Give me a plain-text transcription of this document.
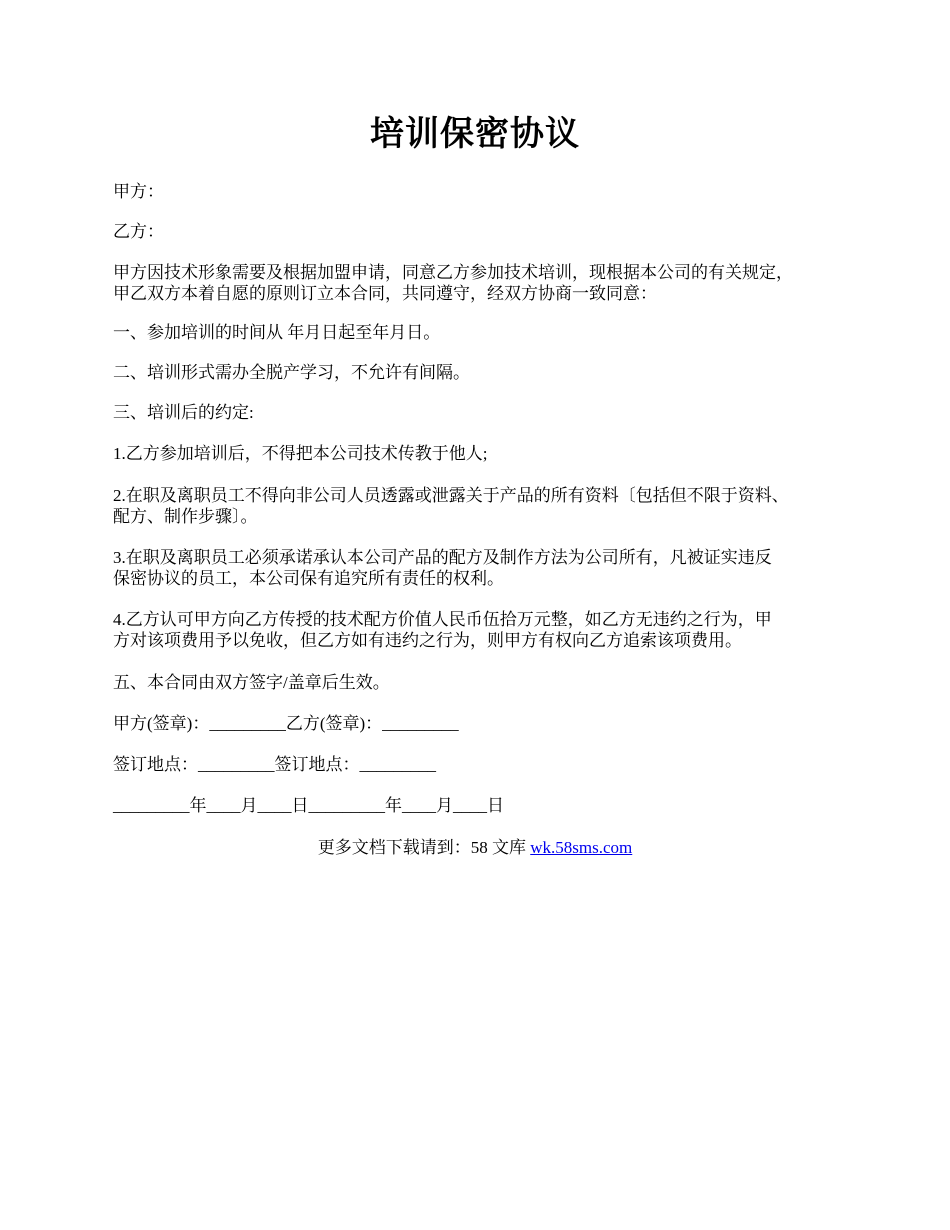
培训保密协议
甲方：
乙方：
甲方因技术形象需要及根据加盟申请，同意乙方参加技术培训，现根据本公司的有关规定，
甲乙双方本着自愿的原则订立本合同，共同遵守，经双方协商一致同意：
一、参加培训的时间从 年月日起至年月日。
二、培训形式需办全脱产学习，不允许有间隔。
三、培训后的约定:
1.乙方参加培训后，不得把本公司技术传教于他人;
2.在职及离职员工不得向非公司人员透露或泄露关于产品的所有资料〔包括但不限于资料、
配方、制作步骤〕。
3.在职及离职员工必须承诺承认本公司产品的配方及制作方法为公司所有，凡被证实违反
保密协议的员工，本公司保有追究所有责任的权利。
4.乙方认可甲方向乙方传授的技术配方价值人民币伍拾万元整，如乙方无违约之行为，甲
方对该项费用予以免收，但乙方如有违约之行为，则甲方有权向乙方追索该项费用。
五、本合同由双方签字/盖章后生效。
甲方(签章)：_________乙方(签章)：_________
签订地点：_________签订地点：_________
_________年____月____日_________年____月____日
更多文档下载请到：58 文库 wk.58sms.com
